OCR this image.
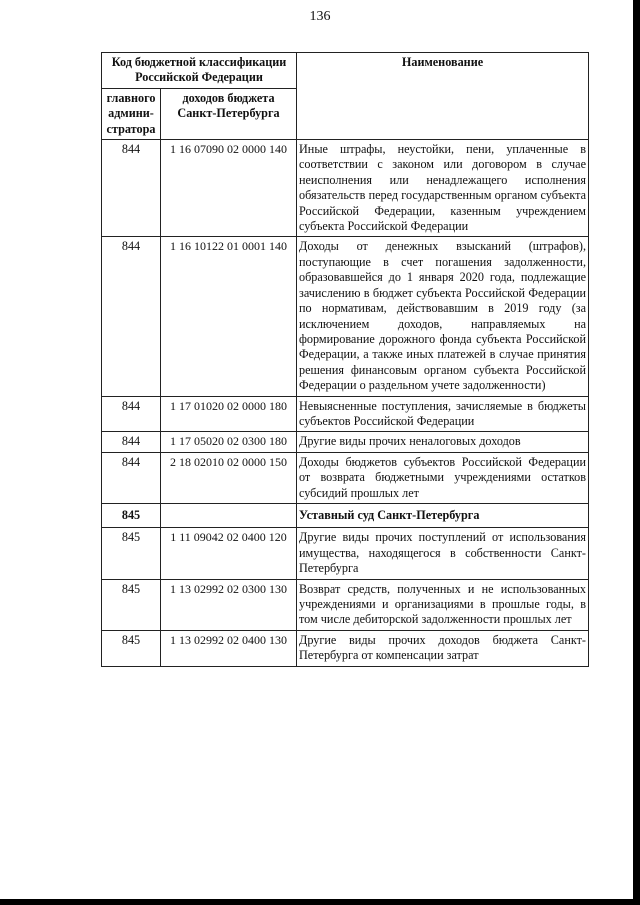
136
Код бюджетной классификации Российской Федерации		Наименование
главного админи-стратора	доходов бюджета Санкт-Петербурга	
844	1 16 07090 02 0000 140	Иные штрафы, неустойки, пени, уплаченные в соответствии с законом или договором в случае неисполнения или ненадлежащего исполнения обязательств перед государственным органом субъекта Российской Федерации, казенным учреждением субъекта Российской Федерации
844	1 16 10122 01 0001 140	Доходы от денежных взысканий (штрафов), поступающие в счет погашения задолженности, образовавшейся до 1 января 2020 года, подлежащие зачислению в бюджет субъекта Российской Федерации по нормативам, действовавшим в 2019 году (за исключением доходов, направляемых на формирование дорожного фонда субъекта Российской Федерации, а также иных платежей в случае принятия решения финансовым органом субъекта Российской Федерации о раздельном учете задолженности)
844	1 17 01020 02 0000 180	Невыясненные поступления, зачисляемые в бюджеты субъектов Российской Федерации
844	1 17 05020 02 0300 180	Другие виды прочих неналоговых доходов
844	2 18 02010 02 0000 150	Доходы бюджетов субъектов Российской Федерации от возврата бюджетными учреждениями остатков субсидий прошлых лет
845		Уставный суд Санкт-Петербурга
845	1 11 09042 02 0400 120	Другие виды прочих поступлений от использования имущества, находящегося в собственности Санкт-Петербурга
845	1 13 02992 02 0300 130	Возврат средств, полученных и не использованных учреждениями и организациями в прошлые годы, в том числе дебиторской задолженности прошлых лет
845	1 13 02992 02 0400 130	Другие виды прочих доходов бюджета Санкт-Петербурга от компенсации затрат
